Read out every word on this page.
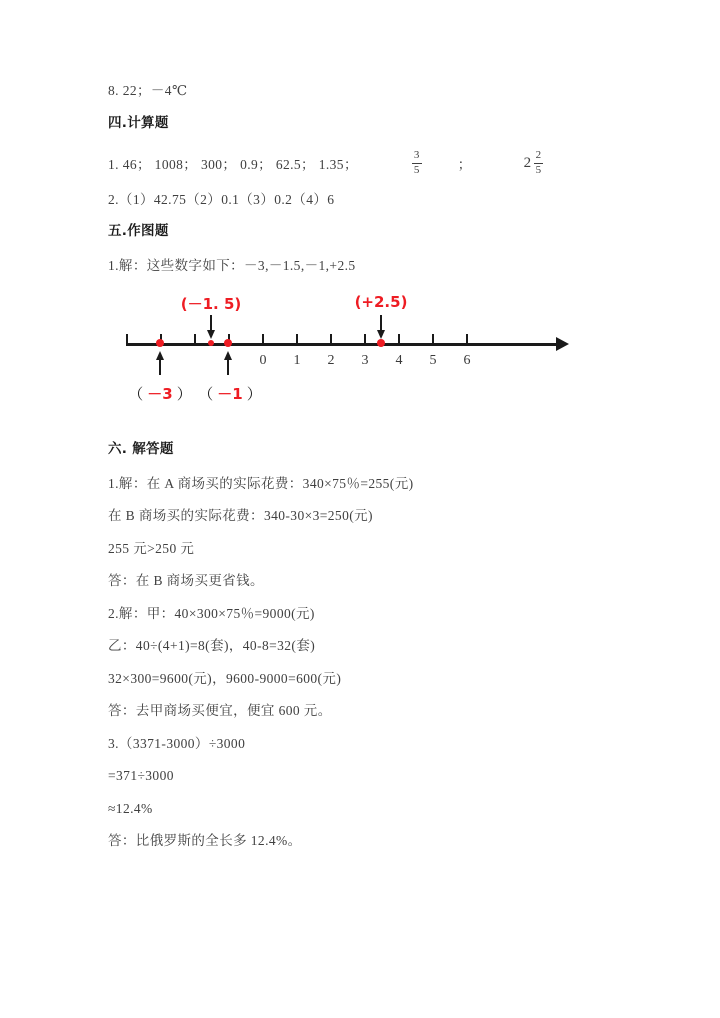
8. 22；－4℃
四.计算题
1. 46； 1008； 300； 0.9； 62.5； 1.35；	$\frac{3}{5}$	；	$2 \frac{2}{5}$
2.（1）42.75（2）0.1（3）0.2（4）6
五.作图题
1.解：这些数字如下：－3,－1.5,－1,+2.5
0 1 2 3 4 5 6
(－1. 5)	(+2.5)
（ －3 ） （ －1 ）
六. 解答题
1.解：在 A 商场买的实际花费：340×75％=255(元)
在 B 商场买的实际花费：340-30×3=250(元)
255 元>250 元
答：在 B 商场买更省钱。
2.解：甲：40×300×75％=9000(元)
乙：40÷(4+1)=8(套)，40-8=32(套)
32×300=9600(元)，9600-9000=600(元)
答：去甲商场买便宜，便宜 600 元。
3.（3371-3000）÷3000
=371÷3000
≈12.4%
答：比俄罗斯的全长多 12.4%。
